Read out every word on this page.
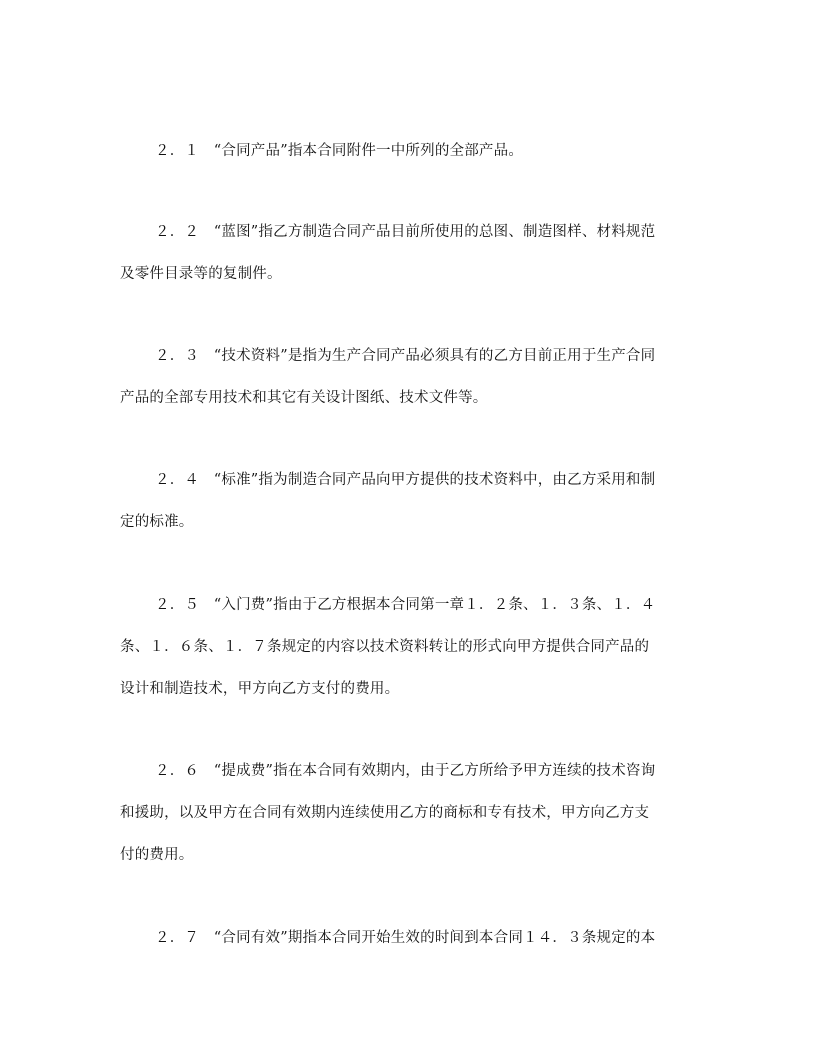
２．１　“合同产品”指本合同附件一中所列的全部产品。
２．２　“蓝图”指乙方制造合同产品目前所使用的总图、制造图样、材料规范
及零件目录等的复制件。
２．３　“技术资料”是指为生产合同产品必须具有的乙方目前正用于生产合同
产品的全部专用技术和其它有关设计图纸、技术文件等。
２．４　“标准”指为制造合同产品向甲方提供的技术资料中，由乙方采用和制
定的标准。
２．５　“入门费”指由于乙方根据本合同第一章１．２条、１．３条、１．４
条、１．６条、１．７条规定的内容以技术资料转让的形式向甲方提供合同产品的
设计和制造技术，甲方向乙方支付的费用。
２．６　“提成费”指在本合同有效期内，由于乙方所给予甲方连续的技术咨询
和援助，以及甲方在合同有效期内连续使用乙方的商标和专有技术，甲方向乙方支
付的费用。
２．７　“合同有效”期指本合同开始生效的时间到本合同１４．３条规定的本
